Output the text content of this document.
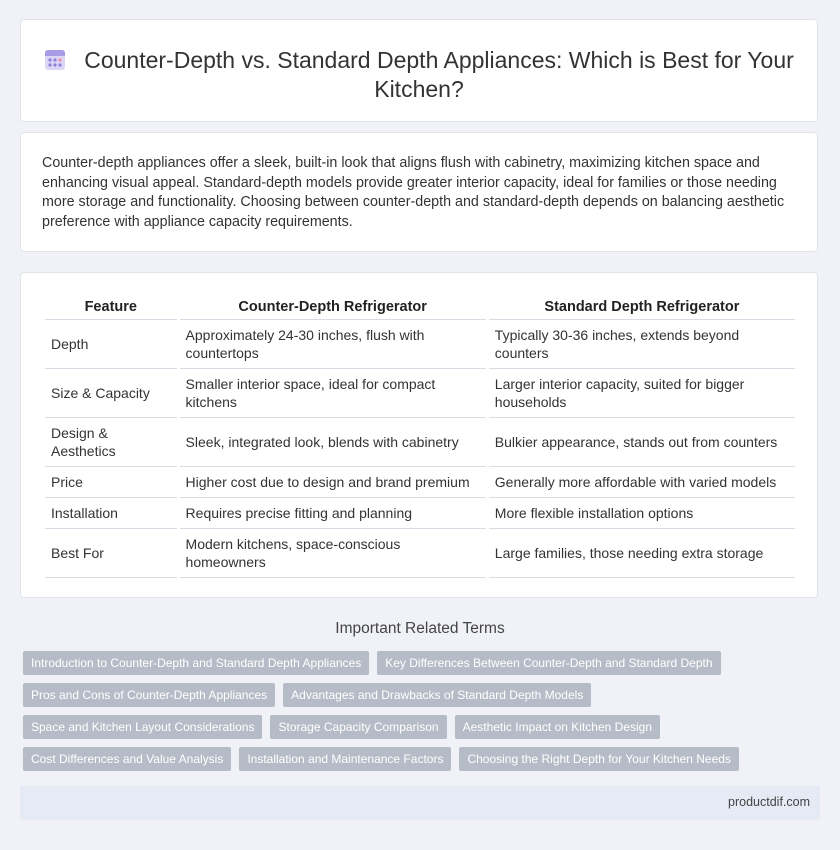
Counter-Depth vs. Standard Depth Appliances: Which is Best for Your Kitchen?

Counter-depth appliances offer a sleek, built-in look that aligns flush with cabinetry, maximizing kitchen space and enhancing visual appeal. Standard-depth models provide greater interior capacity, ideal for families or those needing more storage and functionality. Choosing between counter-depth and standard-depth depends on balancing aesthetic preference with appliance capacity requirements.

Feature	Counter-Depth Refrigerator	Standard Depth Refrigerator
Depth	Approximately 24-30 inches, flush with countertops	Typically 30-36 inches, extends beyond counters
Size & Capacity	Smaller interior space, ideal for compact kitchens	Larger interior capacity, suited for bigger households
Design & Aesthetics	Sleek, integrated look, blends with cabinetry	Bulkier appearance, stands out from counters
Price	Higher cost due to design and brand premium	Generally more affordable with varied models
Installation	Requires precise fitting and planning	More flexible installation options
Best For	Modern kitchens, space-conscious homeowners	Large families, those needing extra storage
Important Related Terms
Introduction to Counter-Depth and Standard Depth Appliances	Key Differences Between Counter-Depth and Standard Depth
Pros and Cons of Counter-Depth Appliances	Advantages and Drawbacks of Standard Depth Models
Space and Kitchen Layout Considerations	Storage Capacity Comparison	Aesthetic Impact on Kitchen Design
Cost Differences and Value Analysis	Installation and Maintenance Factors	Choosing the Right Depth for Your Kitchen Needs
productdif.com
